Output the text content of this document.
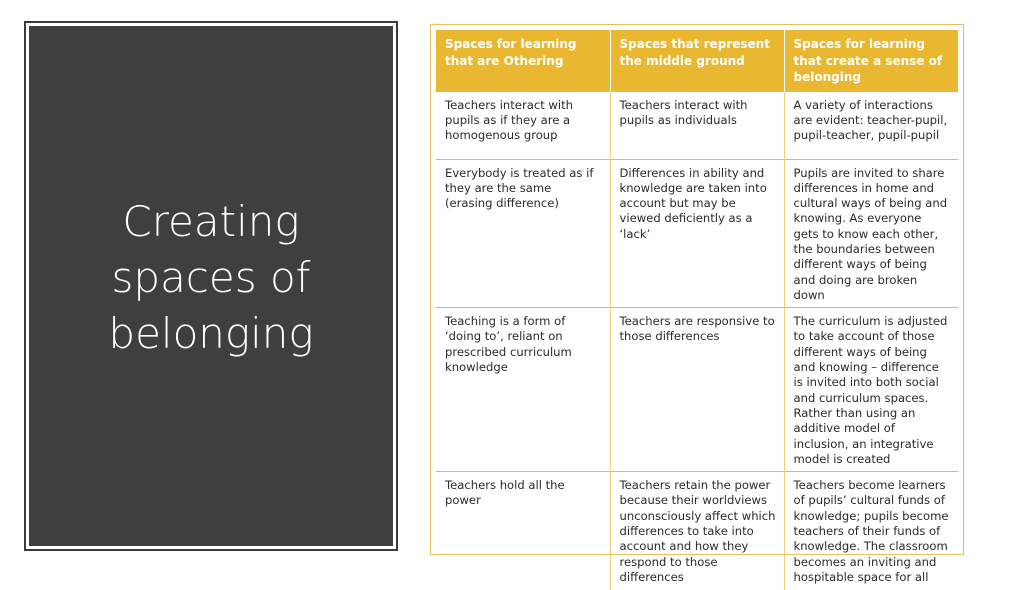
Creating spaces of belonging
Spaces for learning that are Othering	Spaces that represent the middle ground	Spaces for learning that create a sense of belonging
Teachers interact with pupils as if they are a homogenous group	Teachers interact with pupils as individuals	A variety of interactions are evident: teacher-pupil, pupil-teacher, pupil-pupil
Everybody is treated as if they are the same (erasing difference)	Differences in ability and knowledge are taken into account but may be viewed deficiently as a ‘lack’	Pupils are invited to share differences in home and cultural ways of being and knowing. As everyone gets to know each other, the boundaries between different ways of being and doing are broken down
Teaching is a form of ‘doing to’, reliant on prescribed curriculum knowledge	Teachers are responsive to those differences	The curriculum is adjusted to take account of those different ways of being and knowing – difference is invited into both social and curriculum spaces. Rather than using an additive model of inclusion, an integrative model is created
Teachers hold all the power	Teachers retain the power because their worldviews unconsciously affect which differences to take into account and how they respond to those differences	Teachers become learners of pupils’ cultural funds of knowledge; pupils become teachers of their funds of knowledge. The classroom becomes an inviting and hospitable space for all
